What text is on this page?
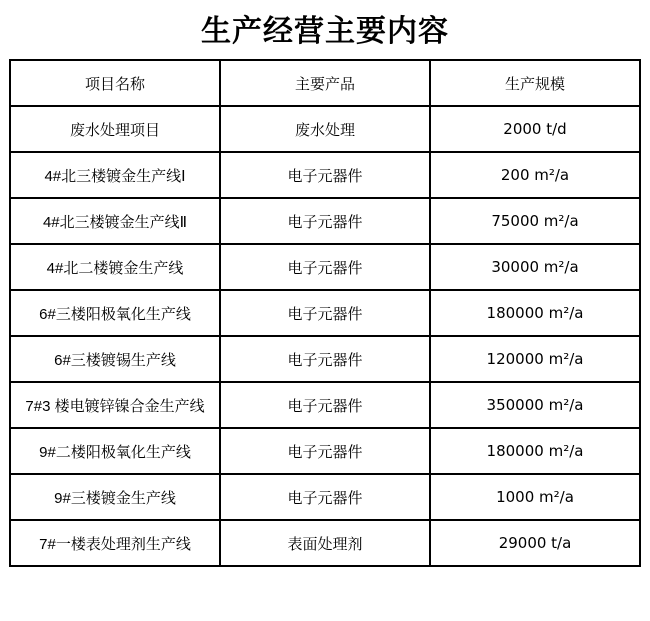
生产经营主要内容
项目名称	主要产品	生产规模
废水处理项目	废水处理	2000 t/d
4#北三楼镀金生产线Ⅰ	电子元器件	200 m²/a
4#北三楼镀金生产线Ⅱ	电子元器件	75000 m²/a
4#北二楼镀金生产线	电子元器件	30000 m²/a
6#三楼阳极氧化生产线	电子元器件	180000 m²/a
6#三楼镀锡生产线	电子元器件	120000 m²/a
7#3 楼电镀锌镍合金生产线	电子元器件	350000 m²/a
9#二楼阳极氧化生产线	电子元器件	180000 m²/a
9#三楼镀金生产线	电子元器件	1000 m²/a
7#一楼表处理剂生产线	表面处理剂	29000 t/a
